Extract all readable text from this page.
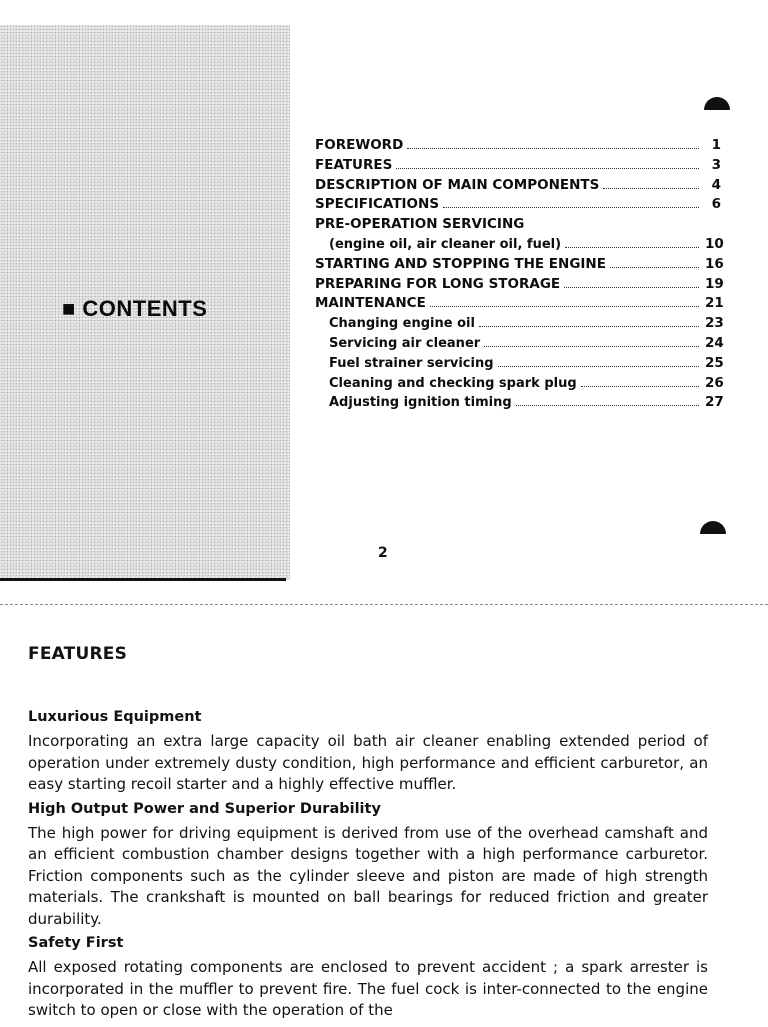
■ CONTENTS
FOREWORD	1
FEATURES	3
DESCRIPTION OF MAIN COMPONENTS	4
SPECIFICATIONS	6
PRE-OPERATION SERVICING
(engine oil, air cleaner oil, fuel)	10
STARTING AND STOPPING THE ENGINE	16
PREPARING FOR LONG STORAGE	19
MAINTENANCE	21
Changing engine oil	23
Servicing air cleaner	24
Fuel strainer servicing	25
Cleaning and checking spark plug	26
Adjusting ignition timing	27
2
FEATURES
Luxurious Equipment
Incorporating an extra large capacity oil bath air cleaner enabling extended period of operation under extremely dusty condition, high performance and efficient carburetor, an easy starting recoil starter and a highly effective muffler.
High Output Power and Superior Durability
The high power for driving equipment is derived from use of the overhead camshaft and an efficient combustion chamber designs together with a high performance carburetor. Friction components such as the cylinder sleeve and piston are made of high strength materials. The crankshaft is mounted on ball bearings for reduced friction and greater durability.
Safety First
All exposed rotating components are enclosed to prevent accident ; a spark arrester is incorporated in the muffler to prevent fire. The fuel cock is inter-connected to the engine switch to open or close with the operation of the
